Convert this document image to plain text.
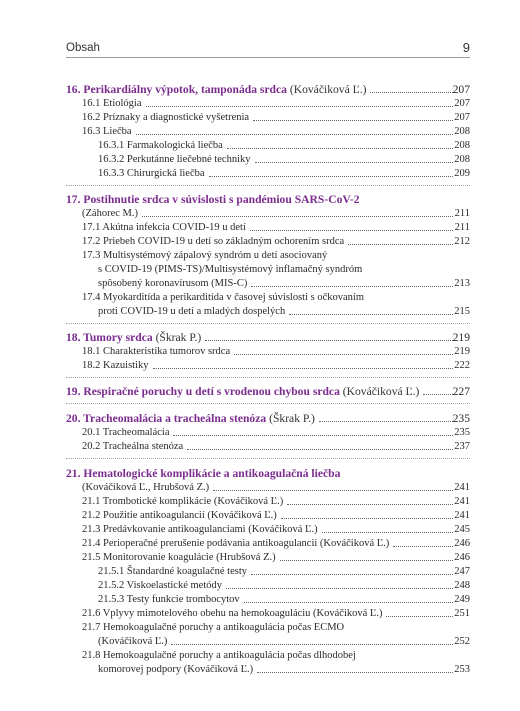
Obsah	9
16. Perikardiálny výpotok, tamponáda srdca (Kováčiková Ľ.)	207
16.1 Etiológia	207
16.2 Príznaky a diagnostické vyšetrenia	207
16.3 Liečba	208
16.3.1 Farmakologická liečba	208
16.3.2 Perkutánne liečebné techniky	208
16.3.3 Chirurgická liečba	209
17. Postihnutie srdca v súvislosti s pandémiou SARS-CoV-2
(Záhorec M.)	211
17.1 Akútna infekcia COVID-19 u detí	211
17.2 Priebeh COVID-19 u detí so základným ochorením srdca	212
17.3 Multisystémový zápalový syndróm u detí asociovaný
s COVID-19 (PIMS-TS)/Multisystémový inflamačný syndróm
spôsobený koronavírusom (MIS-C)	213
17.4 Myokarditída a perikarditída v časovej súvislosti s očkovaním
proti COVID-19 u detí a mladých dospelých	215
18. Tumory srdca (Škrak P.)	219
18.1 Charakteristika tumorov srdca	219
18.2 Kazuistiky	222
19. Respiračné poruchy u detí s vrodenou chybou srdca (Kováčiková Ľ.)	227
20. Tracheomalácia a tracheálna stenóza (Škrak P.)	235
20.1 Tracheomalácia	235
20.2 Tracheálna stenóza	237
21. Hematologické komplikácie a antikoagulačná liečba
(Kováčiková Ľ., Hrubšová Z.)	241
21.1 Trombotické komplikácie (Kováčiková Ľ.)	241
21.2 Použitie antikoagulancií (Kováčiková Ľ.)	241
21.3 Predávkovanie antikoagulanciami (Kováčiková Ľ.)	245
21.4 Perioperačné prerušenie podávania antikoagulancií (Kováčiková Ľ.)	246
21.5 Monitorovanie koagulácie (Hrubšová Z.)	246
21.5.1 Štandardné koagulačné testy	247
21.5.2 Viskoelastické metódy	248
21.5.3 Testy funkcie trombocytov	249
21.6 Vplyvy mimotelového obehu na hemokoaguláciu (Kováčiková Ľ.)	251
21.7 Hemokoagulačné poruchy a antikoagulácia počas ECMO
(Kováčiková Ľ.)	252
21.8 Hemokoagulačné poruchy a antikoagulácia počas dlhodobej
komorovej podpory (Kováčiková Ľ.)	253
